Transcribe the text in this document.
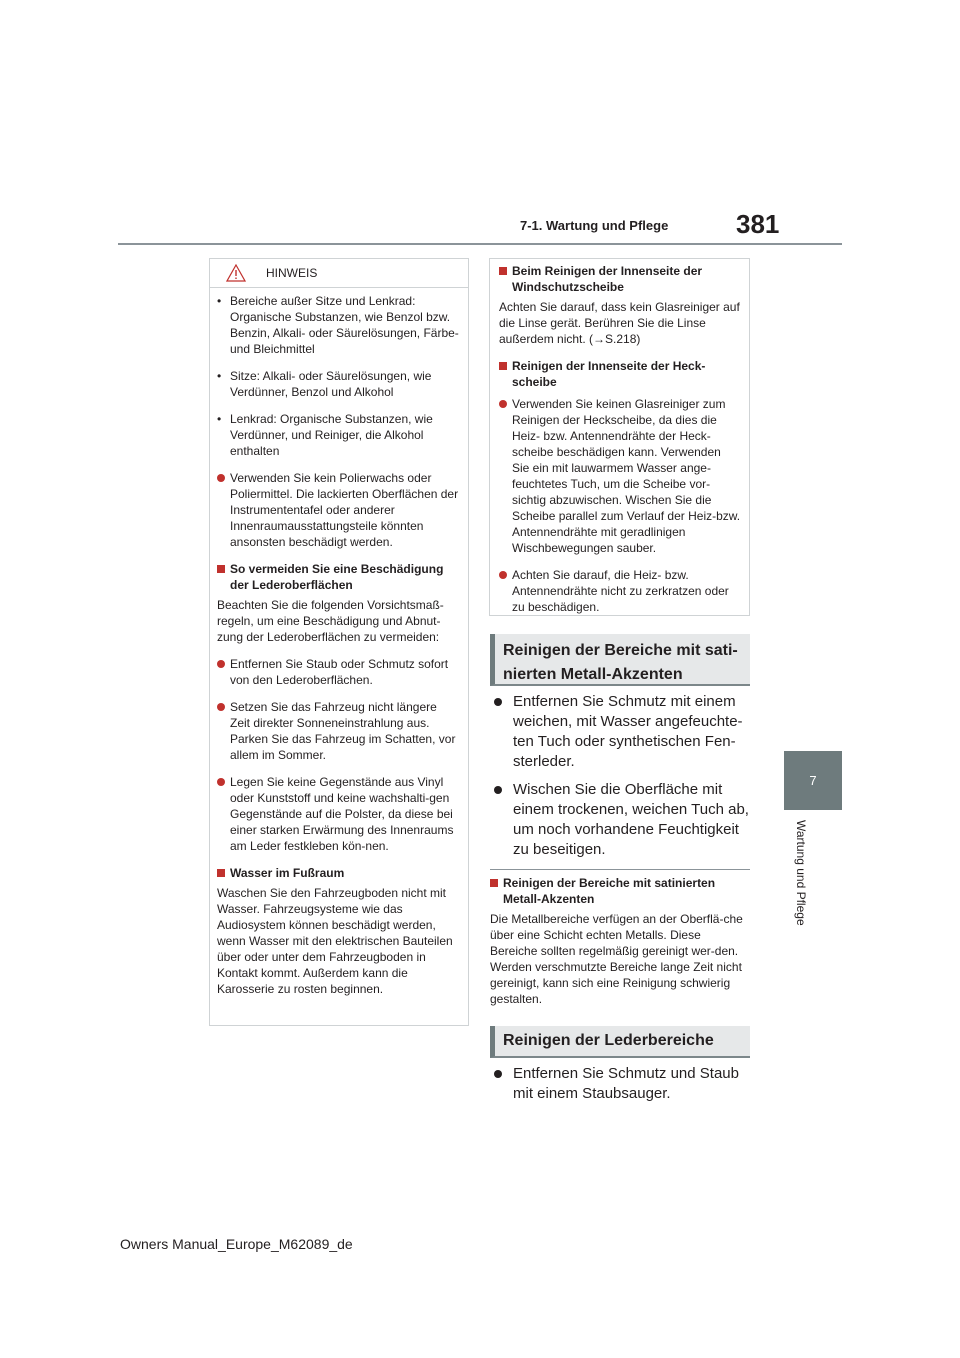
7-1. Wartung und Pflege	381
7
Wartung und Pflege
HINWEIS
• Bereiche außer Sitze und Lenkrad: Organische Substanzen, wie Benzol bzw. Benzin, Alkali- oder Säurelösungen, Färbe- und Bleichmittel

• Sitze: Alkali- oder Säurelösungen, wie Verdünner, Benzol und Alkohol

• Lenkrad: Organische Substanzen, wie Verdünner, und Reiniger, die Alkohol enthalten

Verwenden Sie kein Polierwachs oder Poliermittel. Die lackierten Oberflächen der Instrumententafel oder anderer Innenraumausstattungsteile könnten ansonsten beschädigt werden.

So vermeiden Sie eine Beschädigung der Lederoberflächen

Beachten Sie die folgenden Vorsichtsmaß-regeln, um eine Beschädigung und Abnut-zung der Lederoberflächen zu vermeiden:

Entfernen Sie Staub oder Schmutz sofort von den Lederoberflächen.

Setzen Sie das Fahrzeug nicht längere Zeit direkter Sonneneinstrahlung aus. Parken Sie das Fahrzeug im Schatten, vor allem im Sommer.

Legen Sie keine Gegenstände aus Vinyl oder Kunststoff und keine wachshalti-gen Gegenstände auf die Polster, da diese bei einer starken Erwärmung des Innenraums am Leder festkleben kön-nen.

Wasser im Fußraum

Waschen Sie den Fahrzeugboden nicht mit Wasser. Fahrzeugsysteme wie das Audiosystem können beschädigt werden, wenn Wasser mit den elektrischen Bauteilen über oder unter dem Fahrzeugboden in Kontakt kommt. Außerdem kann die Karosserie zu rosten beginnen.

Beim Reinigen der Innenseite der Windschutzscheibe

Achten Sie darauf, dass kein Glasreiniger auf die Linse gerät. Berühren Sie die Linse außerdem nicht. (→S.218)

Reinigen der Innenseite der Heck-scheibe

Verwenden Sie keinen Glasreiniger zum Reinigen der Heckscheibe, da dies die Heiz- bzw. Antennendrähte der Heck-scheibe beschädigen kann. Verwenden Sie ein mit lauwarmem Wasser ange-feuchtetes Tuch, um die Scheibe vor-sichtig abzuwischen. Wischen Sie die Scheibe parallel zum Verlauf der Heiz-bzw. Antennendrähte mit geradlinigen Wischbewegungen sauber.

Achten Sie darauf, die Heiz- bzw. Antennendrähte nicht zu zerkratzen oder zu beschädigen.

Reinigen der Bereiche mit sati-nierten Metall-Akzenten
Entfernen Sie Schmutz mit einem weichen, mit Wasser angefeuchte-ten Tuch oder synthetischen Fen-sterleder.
Wischen Sie die Oberfläche mit einem trockenen, weichen Tuch ab, um noch vorhandene Feuchtigkeit zu beseitigen.

Reinigen der Bereiche mit satinierten Metall-Akzenten

Die Metallbereiche verfügen an der Oberflä-che über eine Schicht echten Metalls. Diese Bereiche sollten regelmäßig gereinigt wer-den. Werden verschmutzte Bereiche lange Zeit nicht gereinigt, kann sich eine Reinigung schwierig gestalten.

Reinigen der Lederbereiche
Entfernen Sie Schmutz und Staub mit einem Staubsauger.
Owners Manual_Europe_M62089_de
